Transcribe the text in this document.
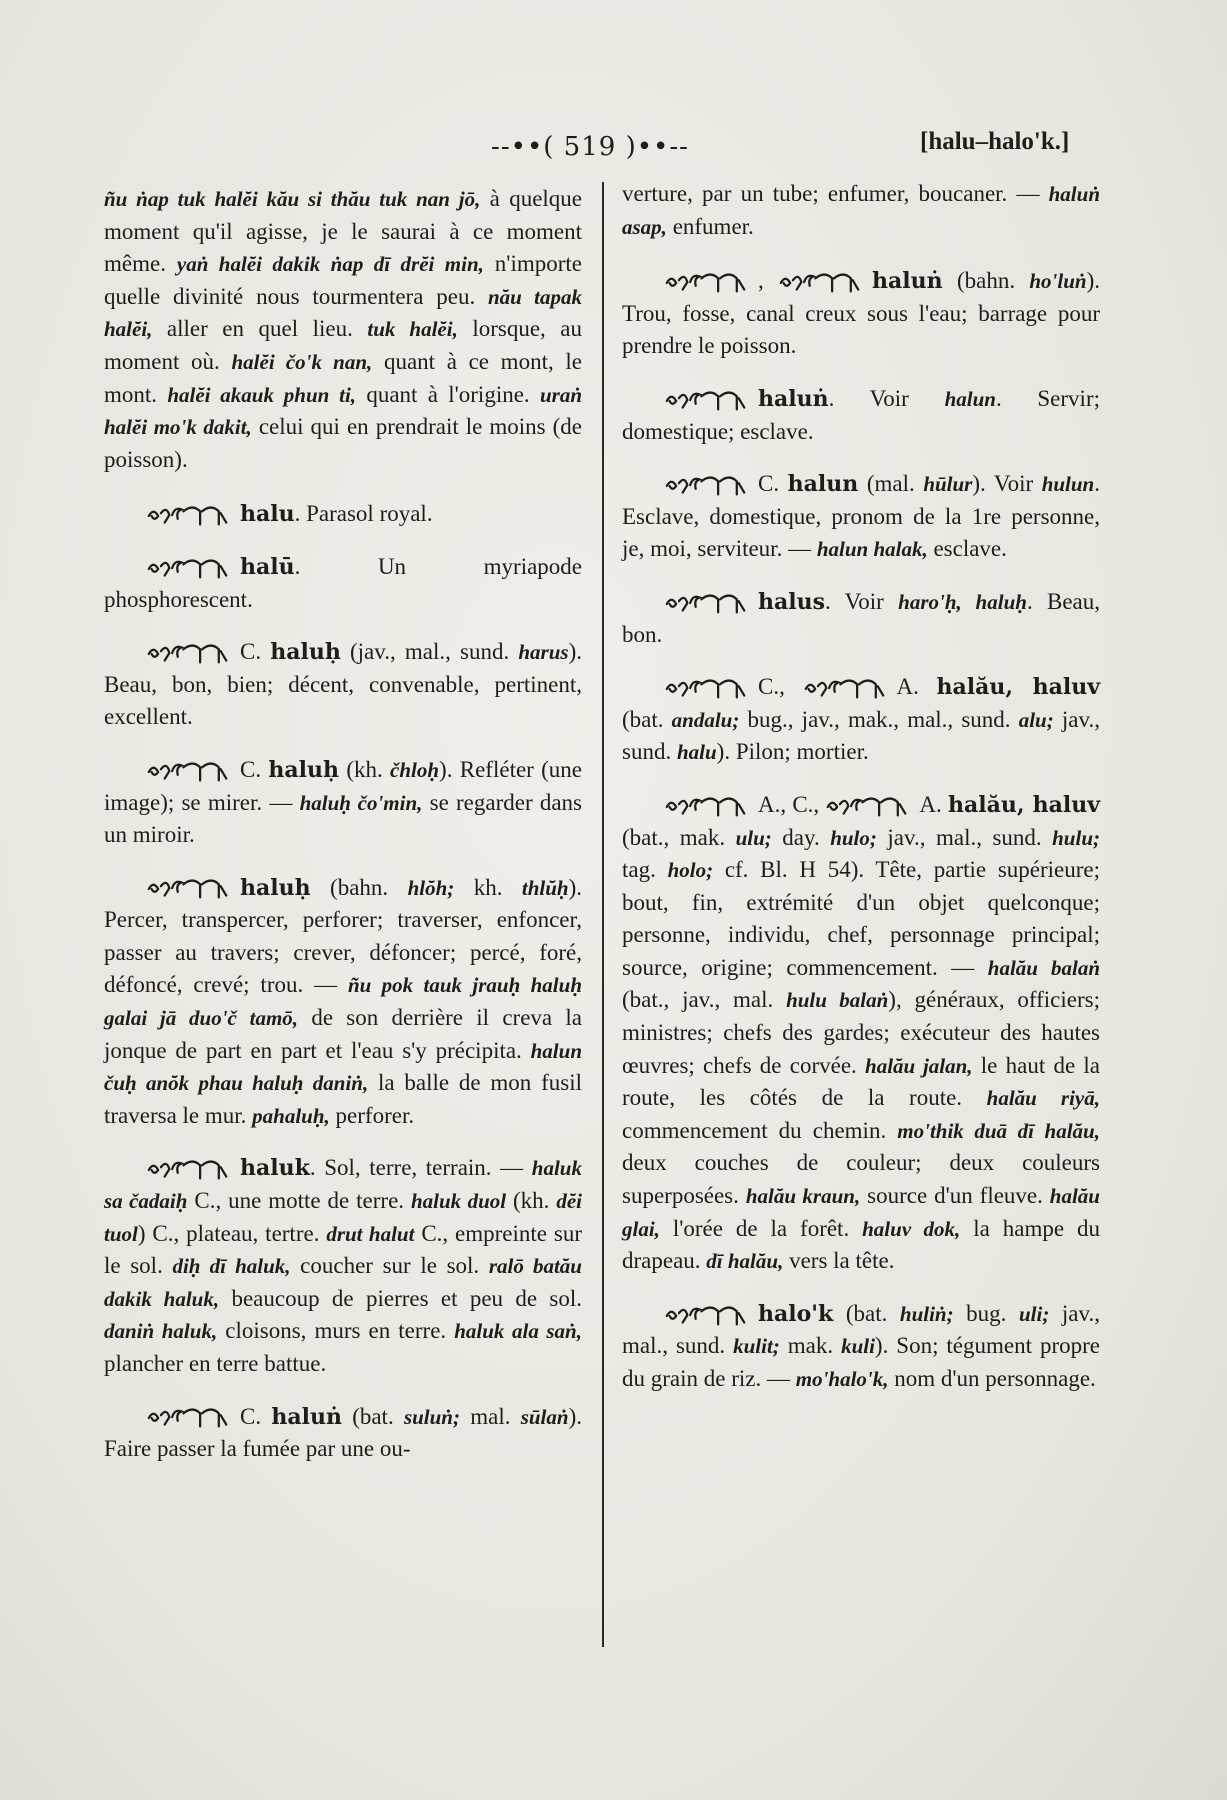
--••( 519 )••--	[halu–halo'k.]

ñu ṅap tuk halĕi kău si thău tuk nan jō, à quelque moment qu'il agisse, je le saurai à ce moment même. yaṅ halĕi dakik ṅap dī drĕi min, n'importe quelle divinité nous tourmentera peu. nău tapak halĕi, aller en quel lieu. tuk halĕi, lorsque, au moment où. halĕi čo'k nan, quant à ce mont, le mont. halĕi akauk phun ti, quant à l'origine. uraṅ halĕi mo'k dakit, celui qui en prendrait le moins (de poisson).

halu. Parasol royal.

halū. Un myriapode phosphorescent.

C. haluḥ (jav., mal., sund. harus). Beau, bon, bien; décent, convenable, pertinent, excellent.

C. haluḥ (kh. čhloḥ). Refléter (une image); se mirer. — haluḥ čo'min, se regarder dans un miroir.

haluḥ (bahn. hlŏh; kh. thlŭḥ). Percer, transpercer, perforer; traverser, enfoncer, passer au travers; crever, défoncer; percé, foré, défoncé, crevé; trou. — ñu pok tauk jrauḥ haluḥ galai jā duo'č tamō, de son derrière il creva la jonque de part en part et l'eau s'y précipita. halun čuḥ anŏk phau haluḥ daniṅ, la balle de mon fusil traversa le mur. pahaluḥ, perforer.

haluk. Sol, terre, terrain. — haluk sa čadaiḥ C., une motte de terre. haluk duol (kh. dĕi tuol) C., plateau, tertre. drut halut C., empreinte sur le sol. diḥ dī haluk, coucher sur le sol. ralō batău dakik haluk, beaucoup de pierres et peu de sol. daniṅ haluk, cloisons, murs en terre. haluk ala saṅ, plancher en terre battue.

C. haluṅ (bat. suluṅ; mal. sūlaṅ). Faire passer la fumée par une ou-

verture, par un tube; enfumer, boucaner. — haluṅ asap, enfumer.

,	haluṅ (bahn. ho'luṅ). Trou, fosse, canal creux sous l'eau; barrage pour prendre le poisson.

haluṅ. Voir halun. Servir; domestique; esclave.

C. halun (mal. hūlur). Voir hulun. Esclave, domestique, pronom de la 1re personne, je, moi, serviteur. — halun halak, esclave.

halus. Voir haro'ḥ, haluḥ. Beau, bon.

C.,	A. halău, haluv (bat. andalu; bug., jav., mak., mal., sund. alu; jav., sund. halu). Pilon; mortier.

A., C.,	A. halău, haluv (bat., mak. ulu; day. hulo; jav., mal., sund. hulu; tag. holo; cf. Bl. H 54). Tête, partie supérieure; bout, fin, extrémité d'un objet quelconque; personne, individu, chef, personnage principal; source, origine; commencement. — halău balaṅ (bat., jav., mal. hulu balaṅ), généraux, officiers; ministres; chefs des gardes; exécuteur des hautes œuvres; chefs de corvée. halău jalan, le haut de la route, les côtés de la route. halău riyā, commencement du chemin. mo'thik duā dī halău, deux couches de couleur; deux couleurs superposées. halău kraun, source d'un fleuve. halău glai, l'orée de la forêt. haluv dok, la hampe du drapeau. dī halău, vers la tête.

halo'k (bat. huliṅ; bug. uli; jav., mal., sund. kulit; mak. kuli). Son; tégument propre du grain de riz. — mo'halo'k, nom d'un personnage.
